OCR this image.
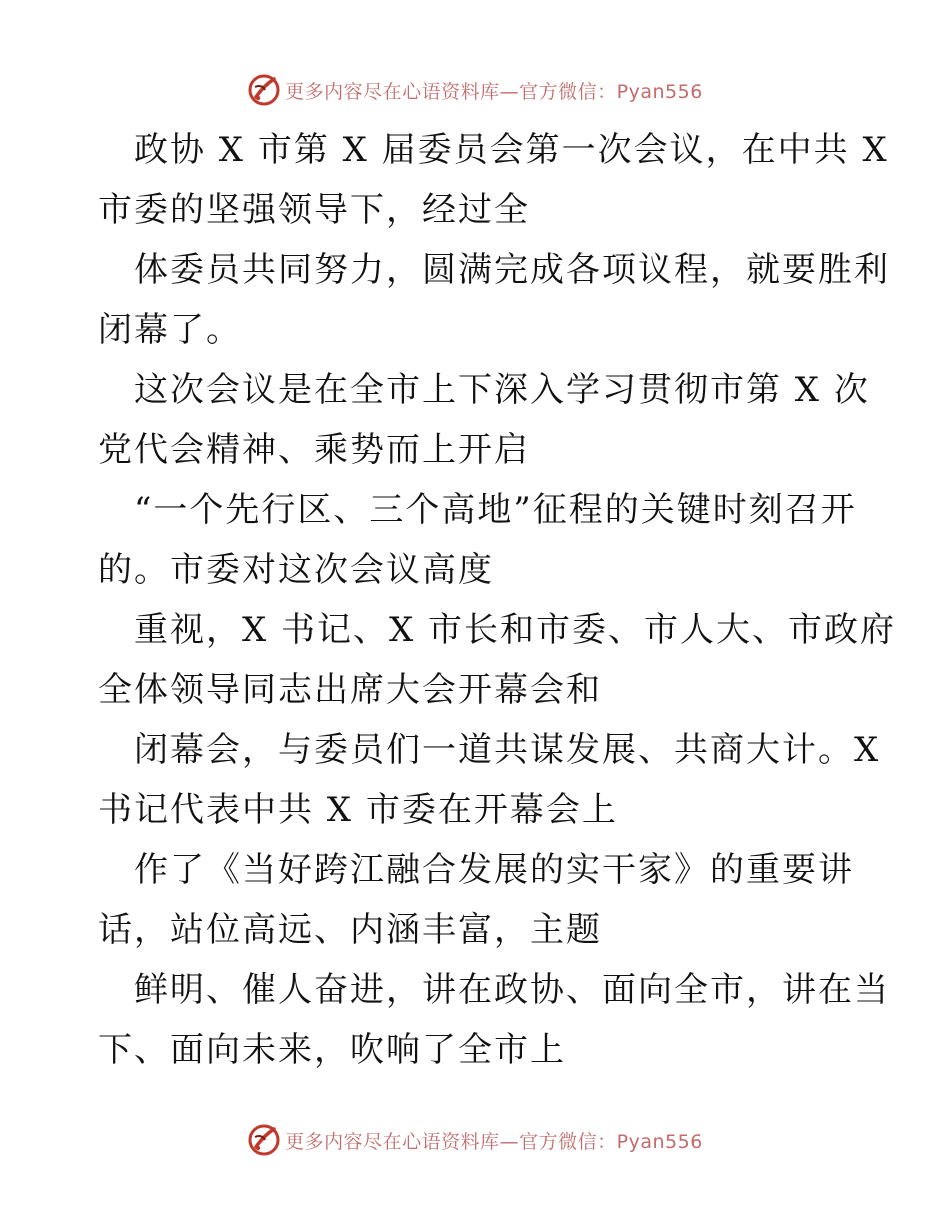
更多内容尽在心语资料库—官方微信：Pyan556
政协 X 市第 X 届委员会第一次会议，在中共 X
市委的坚强领导下，经过全
体委员共同努力，圆满完成各项议程，就要胜利
闭幕了。
这次会议是在全市上下深入学习贯彻市第 X 次
党代会精神、乘势而上开启
“一个先行区、三个高地”征程的关键时刻召开
的。市委对这次会议高度
重视，X 书记、X 市长和市委、市人大、市政府
全体领导同志出席大会开幕会和
闭幕会，与委员们一道共谋发展、共商大计。X
书记代表中共 X 市委在开幕会上
作了《当好跨江融合发展的实干家》的重要讲
话，站位高远、内涵丰富，主题
鲜明、催人奋进，讲在政协、面向全市，讲在当
下、面向未来，吹响了全市上
更多内容尽在心语资料库—官方微信：Pyan556
